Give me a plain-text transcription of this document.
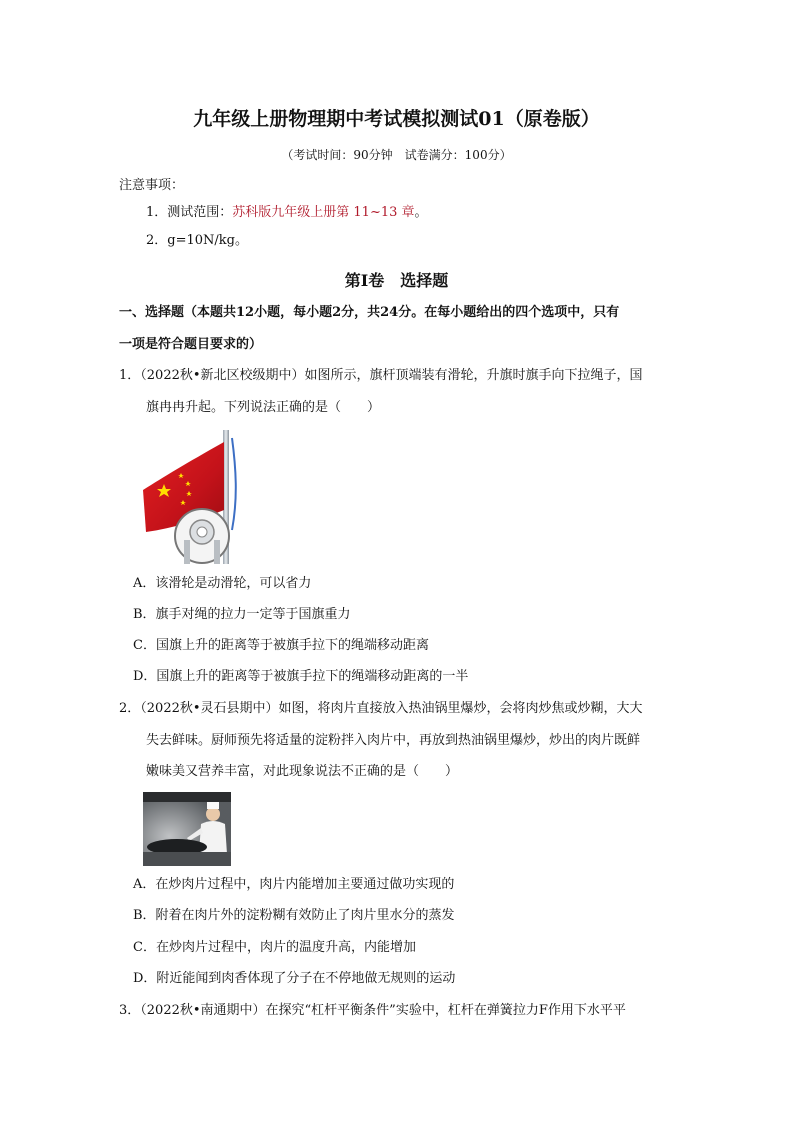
九年级上册物理期中考试模拟测试01（原卷版）
（考试时间：90分钟　试卷满分：100分）
注意事项：
1．测试范围：苏科版九年级上册第 11~13 章。
2．g=10N/kg。
第Ⅰ卷　选择题
一、选择题（本题共12小题，每小题2分，共24分。在每小题给出的四个选项中，只有
一项是符合题目要求的）
1．（2022秋•新北区校级期中）如图所示，旗杆顶端装有滑轮，升旗时旗手向下拉绳子，国
旗冉冉升起。下列说法正确的是（　　）
A．该滑轮是动滑轮，可以省力
B．旗手对绳的拉力一定等于国旗重力
C．国旗上升的距离等于被旗手拉下的绳端移动距离
D．国旗上升的距离等于被旗手拉下的绳端移动距离的一半
2．（2022秋•灵石县期中）如图，将肉片直接放入热油锅里爆炒，会将肉炒焦或炒糊，大大
失去鲜味。厨师预先将适量的淀粉拌入肉片中，再放到热油锅里爆炒，炒出的肉片既鲜
嫩味美又营养丰富，对此现象说法不正确的是（　　）
A．在炒肉片过程中，肉片内能增加主要通过做功实现的
B．附着在肉片外的淀粉糊有效防止了肉片里水分的蒸发
C．在炒肉片过程中，肉片的温度升高，内能增加
D．附近能闻到肉香体现了分子在不停地做无规则的运动
3．（2022秋•南通期中）在探究“杠杆平衡条件”实验中，杠杆在弹簧拉力F作用下水平平
